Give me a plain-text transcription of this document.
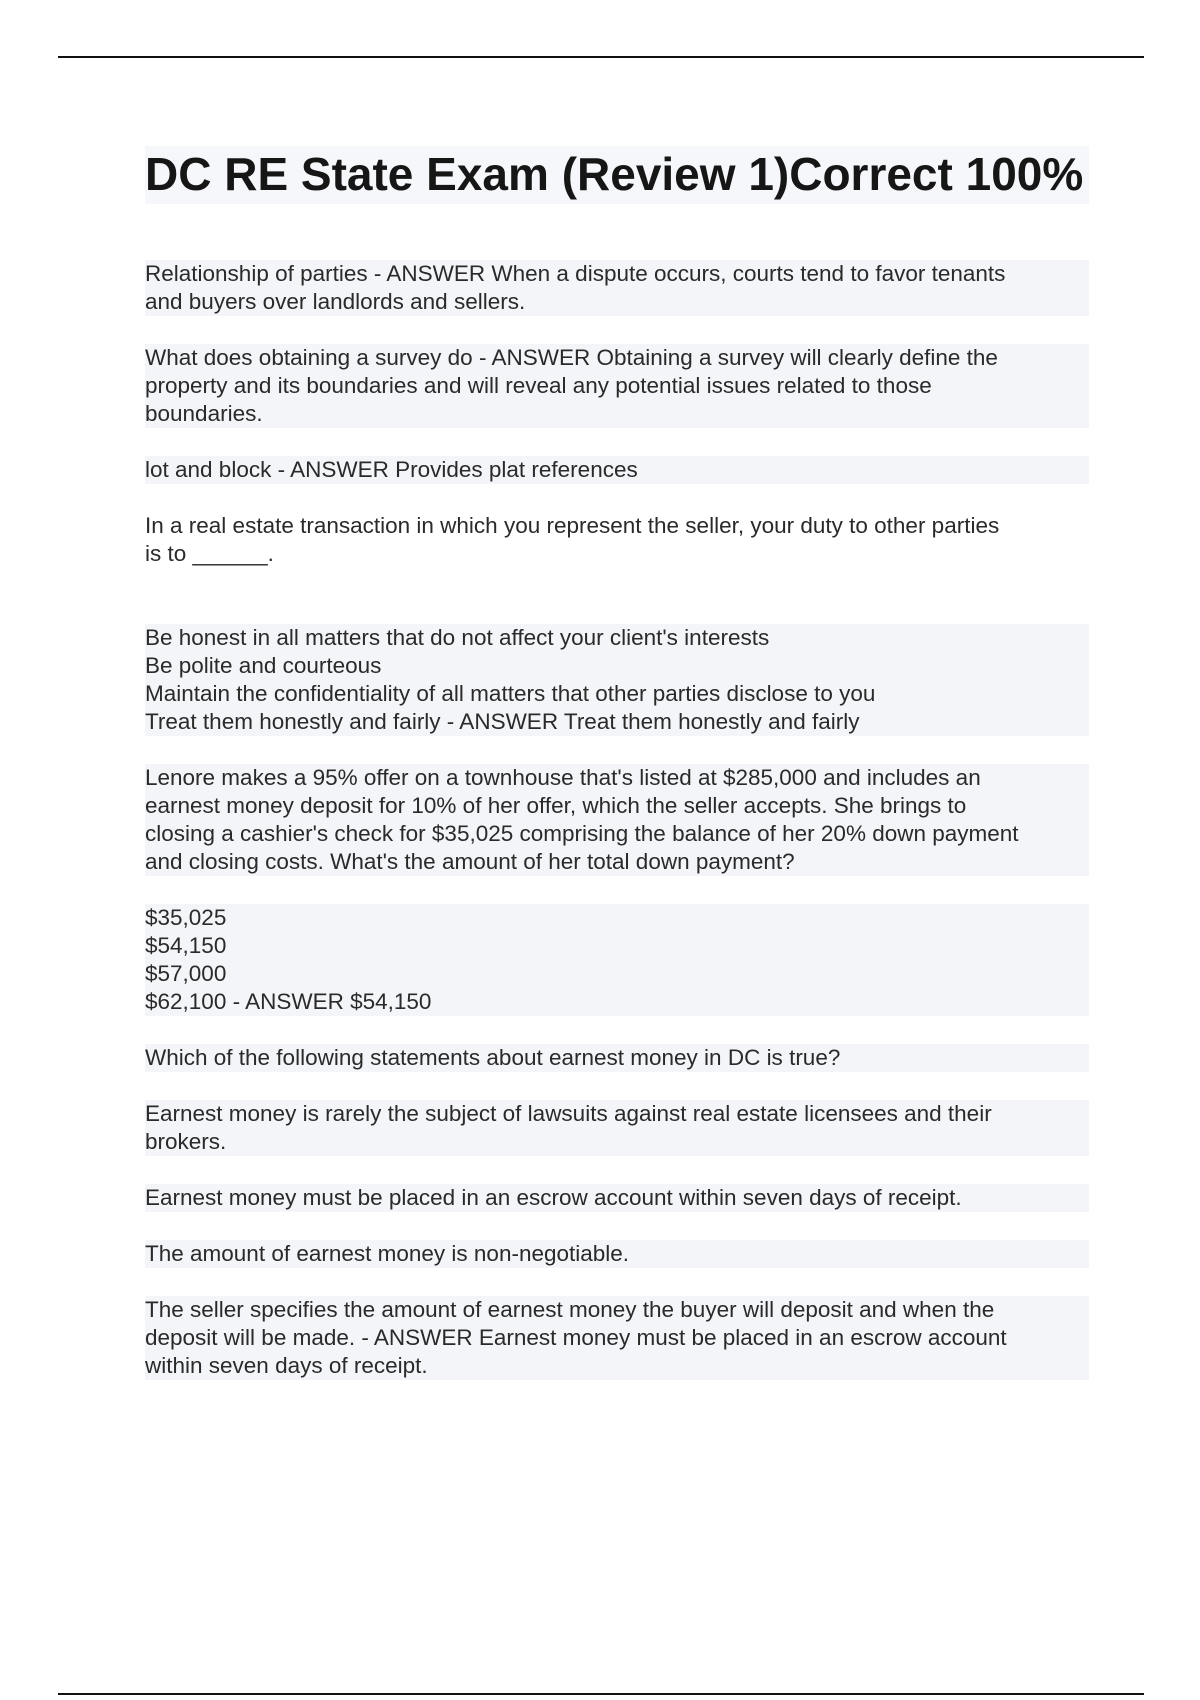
DC RE State Exam (Review 1)Correct 100%

Relationship of parties - ANSWER When a dispute occurs, courts tend to favor tenants
and buyers over landlords and sellers.

What does obtaining a survey do - ANSWER Obtaining a survey will clearly define the
property and its boundaries and will reveal any potential issues related to those
boundaries.

lot and block - ANSWER Provides plat references

In a real estate transaction in which you represent the seller, your duty to other parties
is to ______.

Be honest in all matters that do not affect your client's interests
Be polite and courteous
Maintain the confidentiality of all matters that other parties disclose to you
Treat them honestly and fairly - ANSWER Treat them honestly and fairly

Lenore makes a 95% offer on a townhouse that's listed at $285,000 and includes an
earnest money deposit for 10% of her offer, which the seller accepts. She brings to
closing a cashier's check for $35,025 comprising the balance of her 20% down payment
and closing costs. What's the amount of her total down payment?

$35,025
$54,150
$57,000
$62,100 - ANSWER $54,150

Which of the following statements about earnest money in DC is true?

Earnest money is rarely the subject of lawsuits against real estate licensees and their
brokers.

Earnest money must be placed in an escrow account within seven days of receipt.

The amount of earnest money is non-negotiable.

The seller specifies the amount of earnest money the buyer will deposit and when the
deposit will be made. - ANSWER Earnest money must be placed in an escrow account
within seven days of receipt.
